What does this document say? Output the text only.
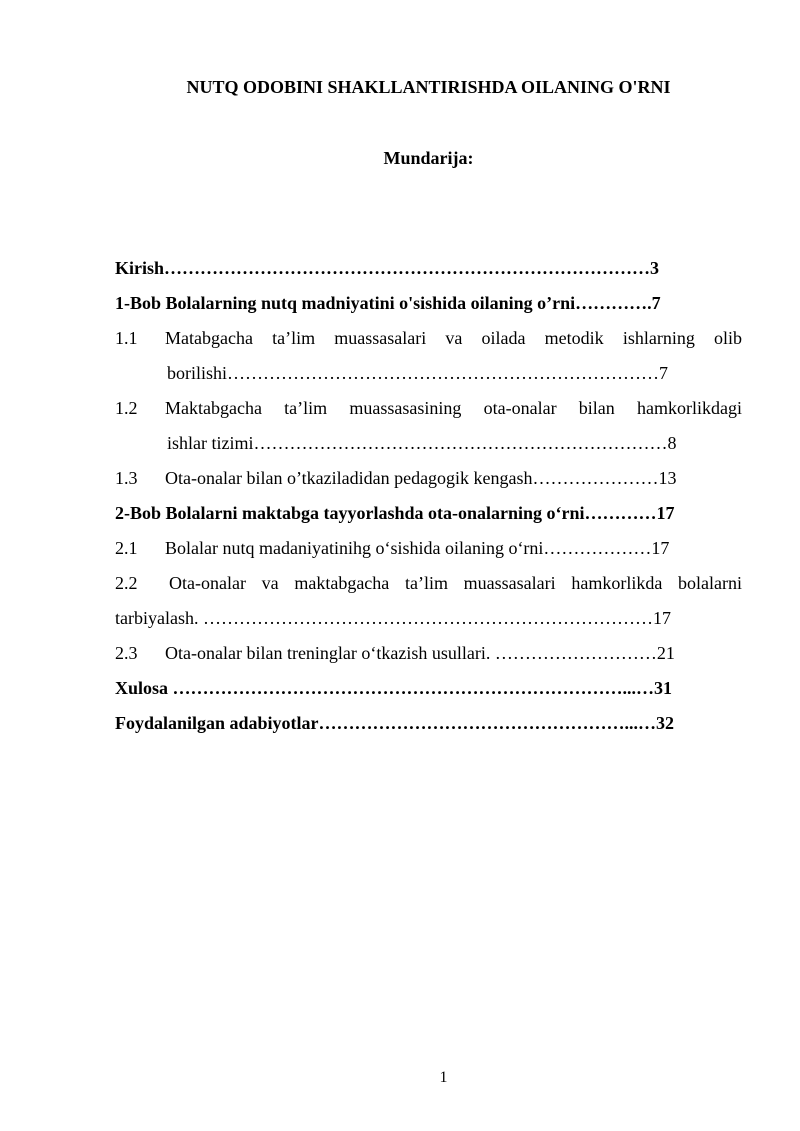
NUTQ ODOBINI SHAKLLANTIRISHDA OILANING O'RNI
Mundarija:
Kirish………………………………………………………………………3
1-Bob Bolalarning nutq madniyatini o'sishida oilaning o’rni………….7
1.1 Matabgacha ta’lim muassasalari va oilada metodik ishlarning olib
borilishi………………………………………………………………7
1.2 Maktabgacha ta’lim muassasasining ota-onalar bilan hamkorlikdagi
ishlar tizimi……………………………………………………………8
1.3 Ota-onalar bilan o’tkaziladidan pedagogik kengash…………………13
2-Bob Bolalarni maktabga tayyorlashda ota-onalarning o‘rni…………17
2.1 Bolalar nutq madaniyatinihg o‘sishida oilaning o‘rni………………17
2.2 Ota-onalar va maktabgacha ta’lim muassasalari hamkorlikda bolalarni
tarbiyalash. …………………………………………………………………17
2.3 Ota-onalar bilan treninglar o‘tkazish usullari. ………………………21
Xulosa …………………………………………………………………...…31
Foydalanilgan adabiyotlar……………………………………………...…32
1
